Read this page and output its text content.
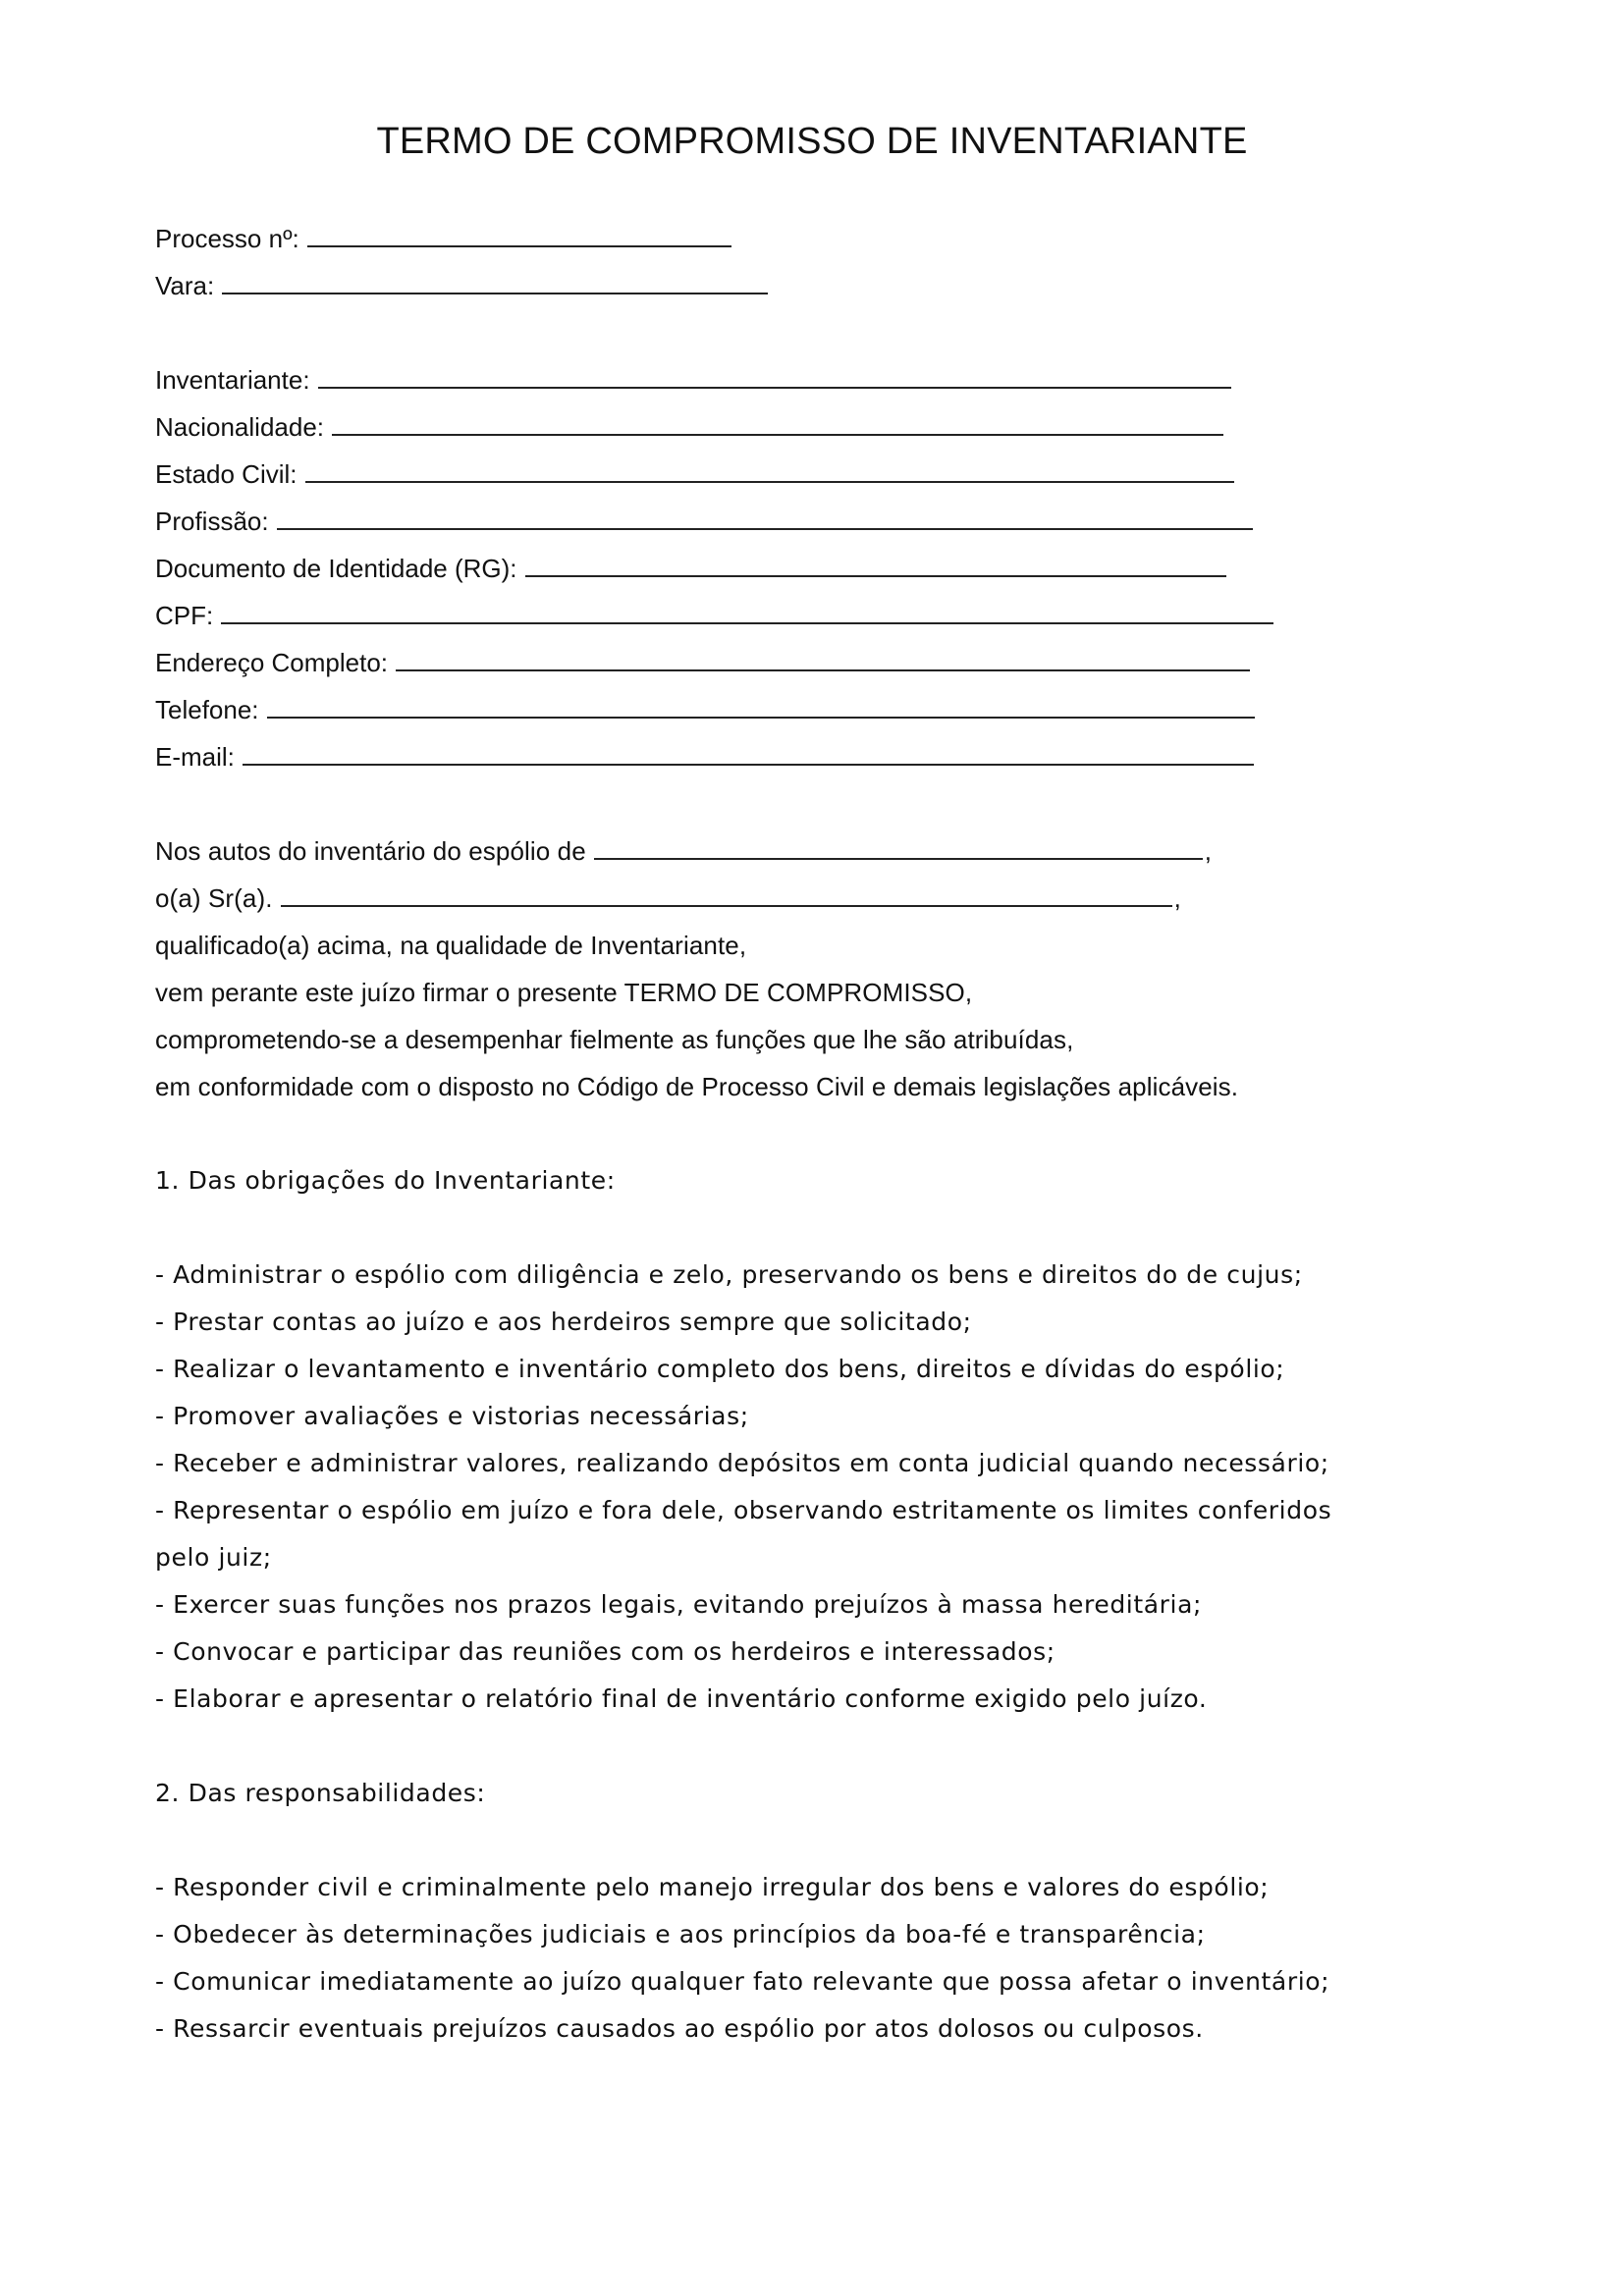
TERMO DE COMPROMISSO DE INVENTARIANTE
Processo nº:
Vara:
Inventariante:
Nacionalidade:
Estado Civil:
Profissão:
Documento de Identidade (RG):
CPF:
Endereço Completo:
Telefone:
E-mail:
Nos autos do inventário do espólio de	,
o(a) Sr(a).	,
qualificado(a) acima, na qualidade de Inventariante,
vem perante este juízo firmar o presente TERMO DE COMPROMISSO,
comprometendo-se a desempenhar fielmente as funções que lhe são atribuídas,
em conformidade com o disposto no Código de Processo Civil e demais legislações aplicáveis.
1. Das obrigações do Inventariante:
- Administrar o espólio com diligência e zelo, preservando os bens e direitos do de cujus;
- Prestar contas ao juízo e aos herdeiros sempre que solicitado;
- Realizar o levantamento e inventário completo dos bens, direitos e dívidas do espólio;
- Promover avaliações e vistorias necessárias;
- Receber e administrar valores, realizando depósitos em conta judicial quando necessário;
- Representar o espólio em juízo e fora dele, observando estritamente os limites conferidos
pelo juiz;
- Exercer suas funções nos prazos legais, evitando prejuízos à massa hereditária;
- Convocar e participar das reuniões com os herdeiros e interessados;
- Elaborar e apresentar o relatório final de inventário conforme exigido pelo juízo.
2. Das responsabilidades:
- Responder civil e criminalmente pelo manejo irregular dos bens e valores do espólio;
- Obedecer às determinações judiciais e aos princípios da boa-fé e transparência;
- Comunicar imediatamente ao juízo qualquer fato relevante que possa afetar o inventário;
- Ressarcir eventuais prejuízos causados ao espólio por atos dolosos ou culposos.
